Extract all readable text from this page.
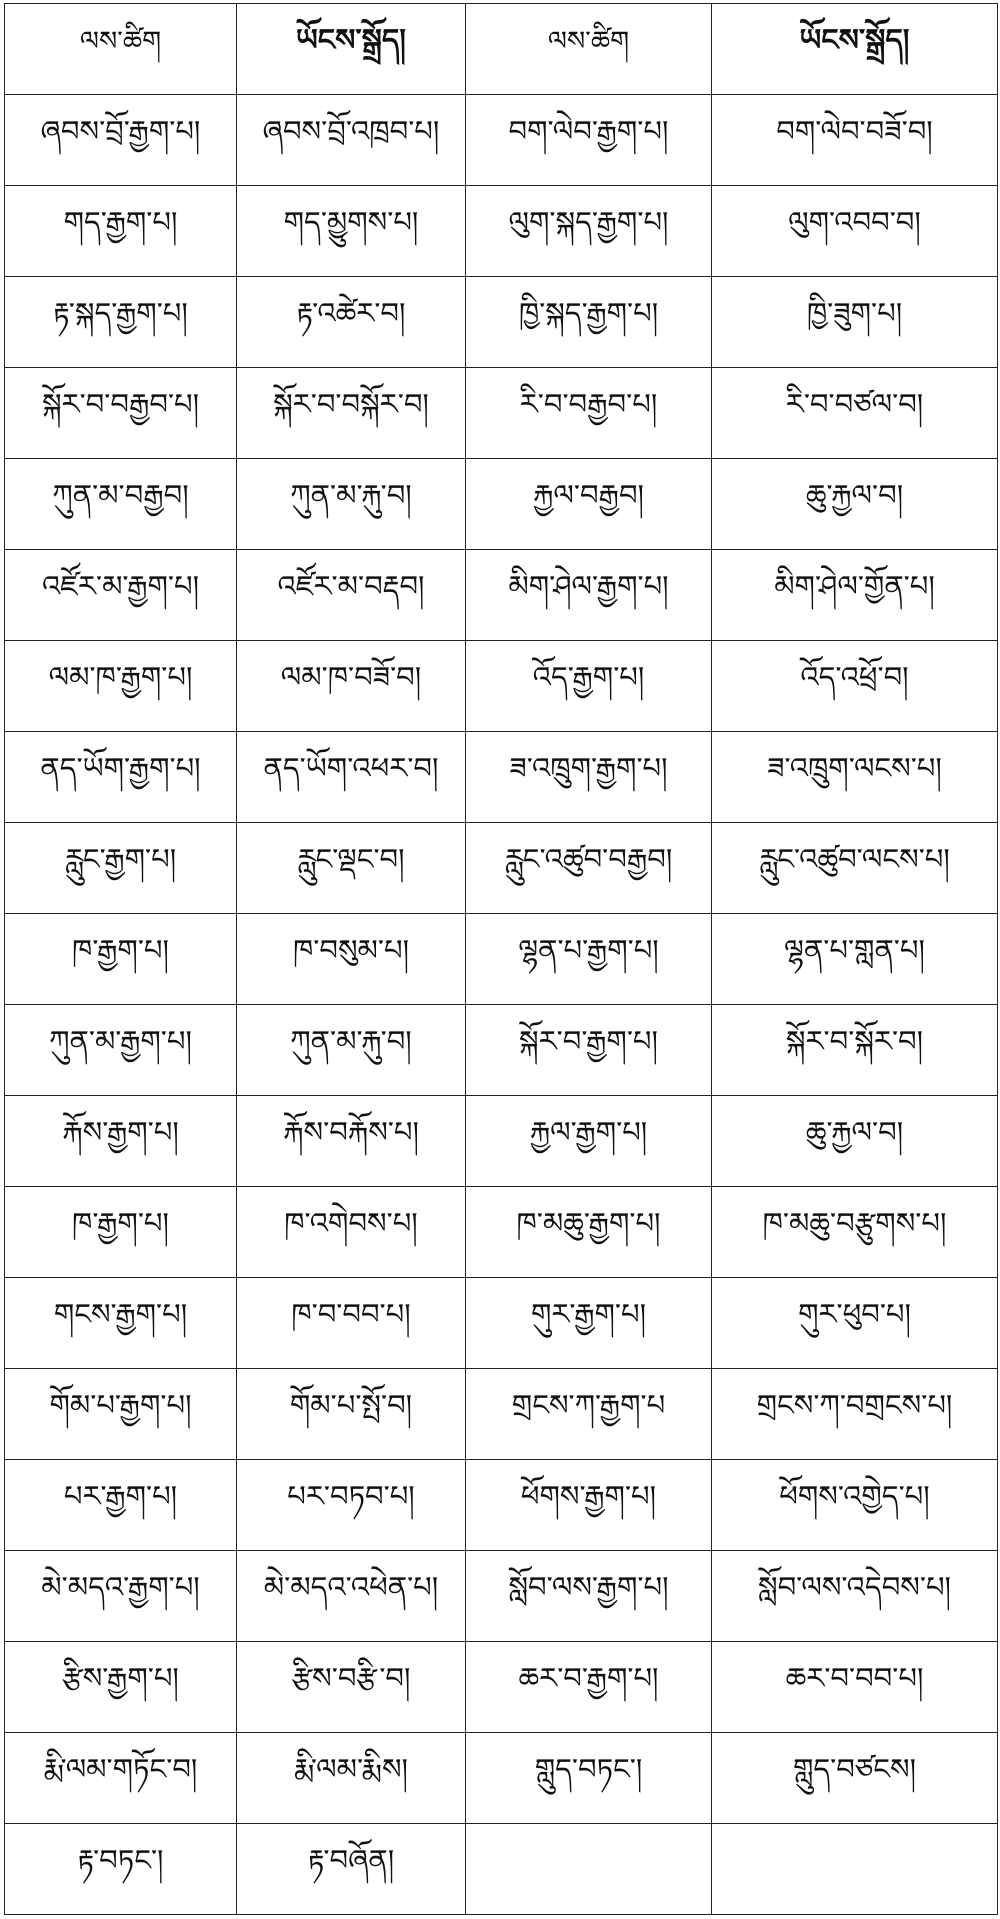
ལས་ཚིག	ཡོངས་སྒྲོད།	ལས་ཚིག	ཡོངས་སྒྲོད།
ཞབས་བྲོ་རྒྱག་པ།	ཞབས་བྲོ་འཁྲབ་པ།	བག་ལེབ་རྒྱག་པ།	བག་ལེབ་བཟོ་བ།
གད་རྒྱག་པ།	གད་མྱུགས་པ།	ལུག་སྐད་རྒྱག་པ།	ལུག་འབབ་བ།
རྟ་སྐད་རྒྱག་པ།	རྟ་འཚེར་བ།	ཁྱི་སྐད་རྒྱག་པ།	ཁྱི་ཟུག་པ།
སྐོར་བ་བརྒྱབ་པ།	སྐོར་བ་བསྐོར་བ།	རི་བ་བརྒྱབ་པ།	རི་བ་བཙལ་བ།
ཀུན་མ་བརྒྱབ།	ཀུན་མ་རྐུ་བ།	རྐྱལ་བརྒྱབ།	ཆུ་རྐྱལ་བ།
འཛོར་མ་རྒྱག་པ།	འཛོར་མ་བརྡབ།	མིག་ཤེལ་རྒྱག་པ།	མིག་ཤེལ་གྱོན་པ།
ལམ་ཁ་རྒྱག་པ།	ལམ་ཁ་བཟོ་བ།	འོད་རྒྱག་པ།	འོད་འཕྲོ་བ།
ནད་ཡོག་རྒྱག་པ།	ནད་ཡོག་འཕར་བ།	ཟ་འཁྲུག་རྒྱག་པ།	ཟ་འཁྲུག་ལངས་པ།
རླུང་རྒྱག་པ།	རླུང་ལྡང་བ།	རླུང་འཚུབ་བརྒྱབ།	རླུང་འཚུབ་ལངས་པ།
ཁ་རྒྱག་པ།	ཁ་བསུམ་པ།	ལྷན་པ་རྒྱག་པ།	ལྷན་པ་གླན་པ།
ཀུན་མ་རྒྱག་པ།	ཀུན་མ་རྐུ་བ།	སྐོར་བ་རྒྱག་པ།	སྐོར་བ་སྐོར་བ།
རྐོས་རྒྱག་པ།	རྐོས་བརྐོས་པ།	རྐྱལ་རྒྱག་པ།	ཆུ་རྐྱལ་བ།
ཁ་རྒྱག་པ།	ཁ་འགེབས་པ།	ཁ་མཆུ་རྒྱག་པ།	ཁ་མཆུ་བརྩུགས་པ།
གངས་རྒྱག་པ།	ཁ་བ་བབ་པ།	གུར་རྒྱག་པ།	གུར་ཕུབ་པ།
གོམ་པ་རྒྱག་པ།	གོམ་པ་སྤོ་བ།	གྲངས་ཀ་རྒྱག་པ	གྲངས་ཀ་བགྲངས་པ།
པར་རྒྱག་པ།	པར་བཏབ་པ།	ཕོགས་རྒྱག་པ།	ཕོགས་འགྱེད་པ།
མེ་མདའ་རྒྱག་པ།	མེ་མདའ་འཕེན་པ།	སློབ་ལས་རྒྱག་པ།	སློབ་ལས་འདེབས་པ།
རྩིས་རྒྱག་པ།	རྩིས་བརྩི་བ།	ཆར་བ་རྒྱག་པ།	ཆར་བ་བབ་པ།
རྨི་ལམ་གཏོང་བ།	རྨི་ལམ་རྨིས།	གླུད་བཏང་།	གླུད་བཙངས།
རྟ་བཏང་།	རྟ་བཞོན།		
